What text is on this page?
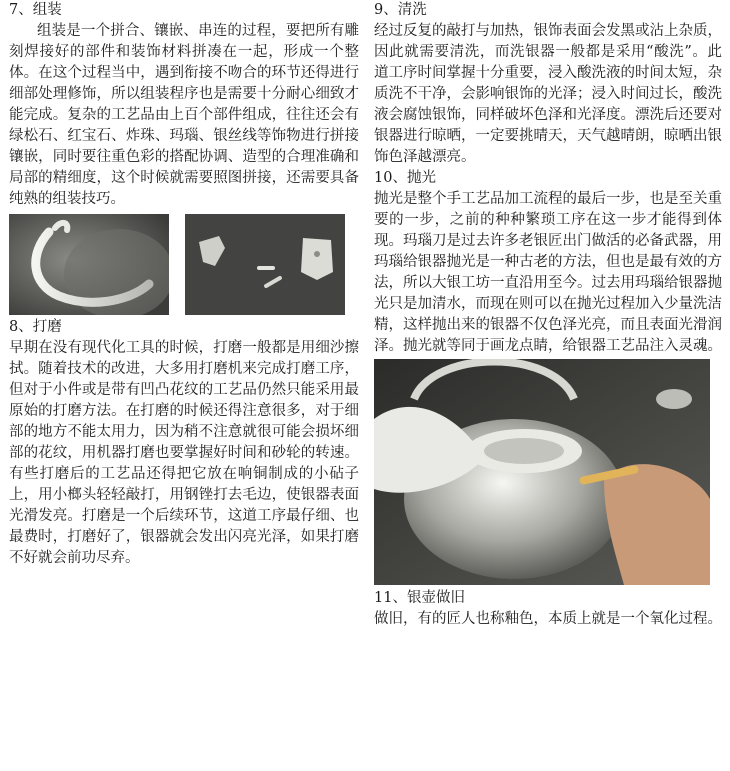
7、组装

组装是一个拼合、镶嵌、串连的过程，要把所有雕刻焊接好的部件和装饰材料拼凑在一起，形成一个整体。在这个过程当中，遇到衔接不吻合的环节还得进行细部处理修饰，所以组装程序也是需要十分耐心细致才能完成。复杂的工艺品由上百个部件组成，往往还会有绿松石、红宝石、炸珠、玛瑙、银丝线等饰物进行拼接镶嵌，同时要往重色彩的搭配协调、造型的合理准确和局部的精细度，这个时候就需要照图拼接，还需要具备纯熟的组装技巧。

8、打磨

早期在没有现代化工具的时候，打磨一般都是用细沙擦拭。随着技术的改进，大多用打磨机来完成打磨工序，但对于小件或是带有凹凸花纹的工艺品仍然只能采用最原始的打磨方法。在打磨的时候还得注意很多，对于细部的地方不能太用力，因为稍不注意就很可能会损坏细部的花纹，用机器打磨也要掌握好时间和砂轮的转速。有些打磨后的工艺品还得把它放在响铜制成的小砧子上，用小榔头轻轻敲打，用钢锉打去毛边，使银器表面光滑发亮。打磨是一个后续环节，这道工序最仔细、也最费时，打磨好了，银器就会发出闪亮光泽，如果打磨不好就会前功尽弃。

9、清洗

经过反复的敲打与加热，银饰表面会发黑或沾上杂质，因此就需要清洗，而洗银器一般都是采用“酸洗”。此道工序时间掌握十分重要，浸入酸洗液的时间太短，杂质洗不干净，会影响银饰的光泽；浸入时间过长，酸洗液会腐蚀银饰，同样破坏色泽和光泽度。漂洗后还要对银器进行晾晒，一定要挑晴天，天气越晴朗，晾晒出银饰色泽越漂亮。

10、抛光

抛光是整个手工艺品加工流程的最后一步，也是至关重要的一步，之前的种种繁琐工序在这一步才能得到体现。玛瑙刀是过去许多老银匠出门做活的必备武器，用玛瑙给银器抛光是一种古老的方法，但也是最有效的方法，所以大银工坊一直沿用至今。过去用玛瑙给银器抛光只是加清水，而现在则可以在抛光过程加入少量洗洁精，这样抛出来的银器不仅色泽光亮，而且表面光滑润泽。抛光就等同于画龙点睛，给银器工艺品注入灵魂。

11、银壶做旧

做旧，有的匠人也称釉色，本质上就是一个氧化过程。
